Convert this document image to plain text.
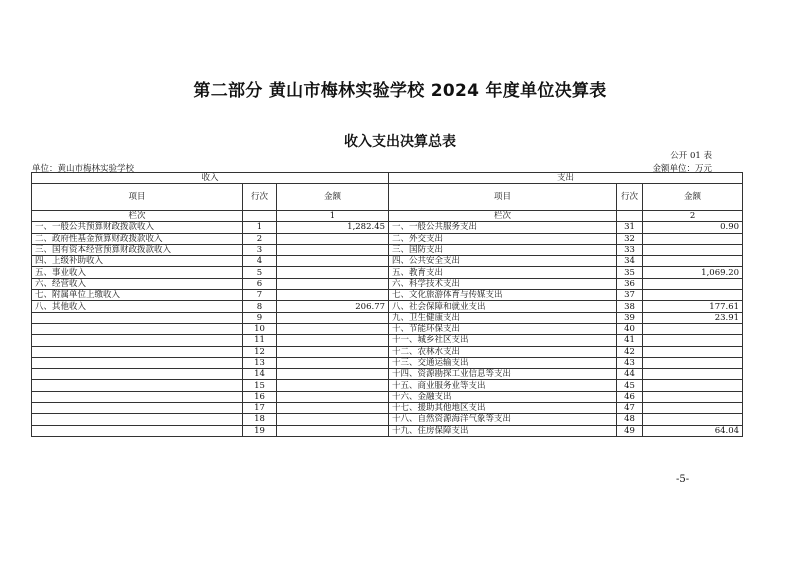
第二部分 黄山市梅林实验学校 2024 年度单位决算表
收入支出决算总表
公开 01 表
单位：黄山市梅林实验学校	金额单位：万元
收入			支出		
项目	行次	金额	项目	行次	金额
栏次		1	栏次		2
一、一般公共预算财政拨款收入	1	1,282.45	一、一般公共服务支出	31	0.90
二、政府性基金预算财政拨款收入	2		二、外交支出	32	
三、国有资本经营预算财政拨款收入	3		三、国防支出	33	
四、上级补助收入	4		四、公共安全支出	34	
五、事业收入	5		五、教育支出	35	1,069.20
六、经营收入	6		六、科学技术支出	36	
七、附属单位上缴收入	7		七、文化旅游体育与传媒支出	37	
八、其他收入	8	206.77	八、社会保障和就业支出	38	177.61
	9		九、卫生健康支出	39	23.91
	10		十、节能环保支出	40	
	11		十一、城乡社区支出	41	
	12		十二、农林水支出	42	
	13		十三、交通运输支出	43	
	14		十四、资源勘探工业信息等支出	44	
	15		十五、商业服务业等支出	45	
	16		十六、金融支出	46	
	17		十七、援助其他地区支出	47	
	18		十八、自然资源海洋气象等支出	48	
	19		十九、住房保障支出	49	64.04
-5-
